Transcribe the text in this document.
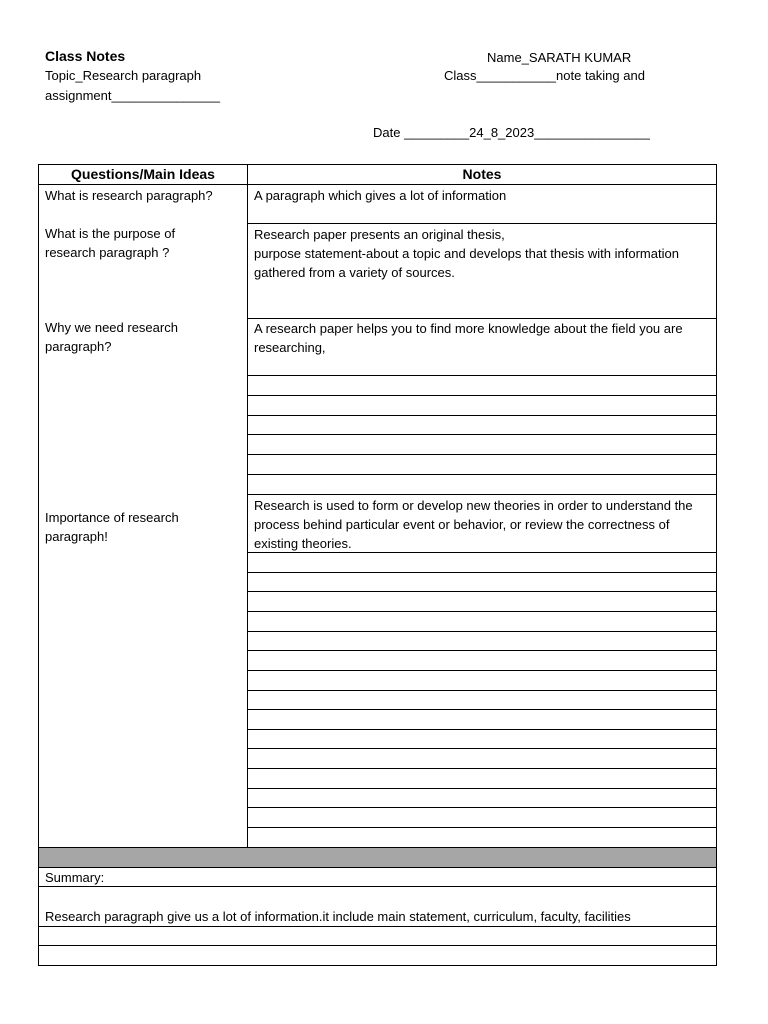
Class Notes
Topic_Research paragraph
assignment_______________
Name_SARATH KUMAR
Class___________note taking and
Date _________24_8_2023________________
Questions/Main Ideas	Notes
What is research paragraph?
What is the purpose of research paragraph ?
Why we need research paragraph?
Importance of research paragraph!
A paragraph which gives a lot of information
Research paper presents an original thesis,
purpose statement-about a topic and develops that thesis with information gathered from a variety of sources.
A research paper helps you to find more knowledge about the field you are researching,
Research is used to form or develop new theories in order to understand the process behind particular event or behavior, or review the correctness of existing theories.
Summary:
Research paragraph give us a lot of information.it include main statement, curriculum, faculty, facilities
